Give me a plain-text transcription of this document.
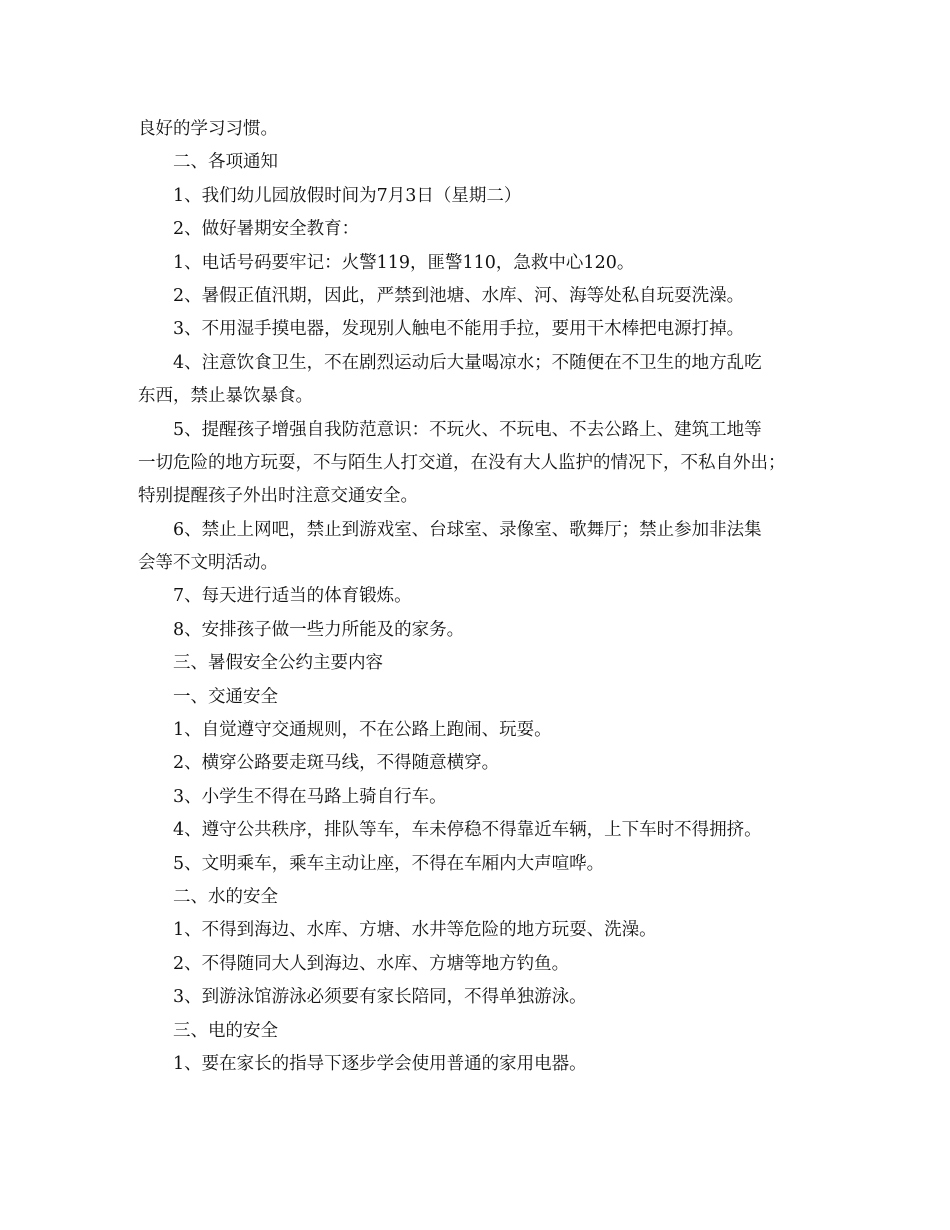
良好的学习习惯。
二、各项通知
1、我们幼儿园放假时间为7月3日（星期二）
2、做好暑期安全教育：
1、电话号码要牢记：火警119，匪警110，急救中心120。
2、暑假正值汛期，因此，严禁到池塘、水库、河、海等处私自玩耍洗澡。
3、不用湿手摸电器，发现别人触电不能用手拉，要用干木棒把电源打掉。
4、注意饮食卫生，不在剧烈运动后大量喝凉水；不随便在不卫生的地方乱吃
东西，禁止暴饮暴食。
5、提醒孩子增强自我防范意识：不玩火、不玩电、不去公路上、建筑工地等
一切危险的地方玩耍，不与陌生人打交道，在没有大人监护的情况下，不私自外出；
特别提醒孩子外出时注意交通安全。
6、禁止上网吧，禁止到游戏室、台球室、录像室、歌舞厅；禁止参加非法集
会等不文明活动。
7、每天进行适当的体育锻炼。
8、安排孩子做一些力所能及的家务。
三、暑假安全公约主要内容
一、交通安全
1、自觉遵守交通规则，不在公路上跑闹、玩耍。
2、横穿公路要走斑马线，不得随意横穿。
3、小学生不得在马路上骑自行车。
4、遵守公共秩序，排队等车，车未停稳不得靠近车辆，上下车时不得拥挤。
5、文明乘车，乘车主动让座，不得在车厢内大声喧哗。
二、水的安全
1、不得到海边、水库、方塘、水井等危险的地方玩耍、洗澡。
2、不得随同大人到海边、水库、方塘等地方钓鱼。
3、到游泳馆游泳必须要有家长陪同，不得单独游泳。
三、电的安全
1、要在家长的指导下逐步学会使用普通的家用电器。
